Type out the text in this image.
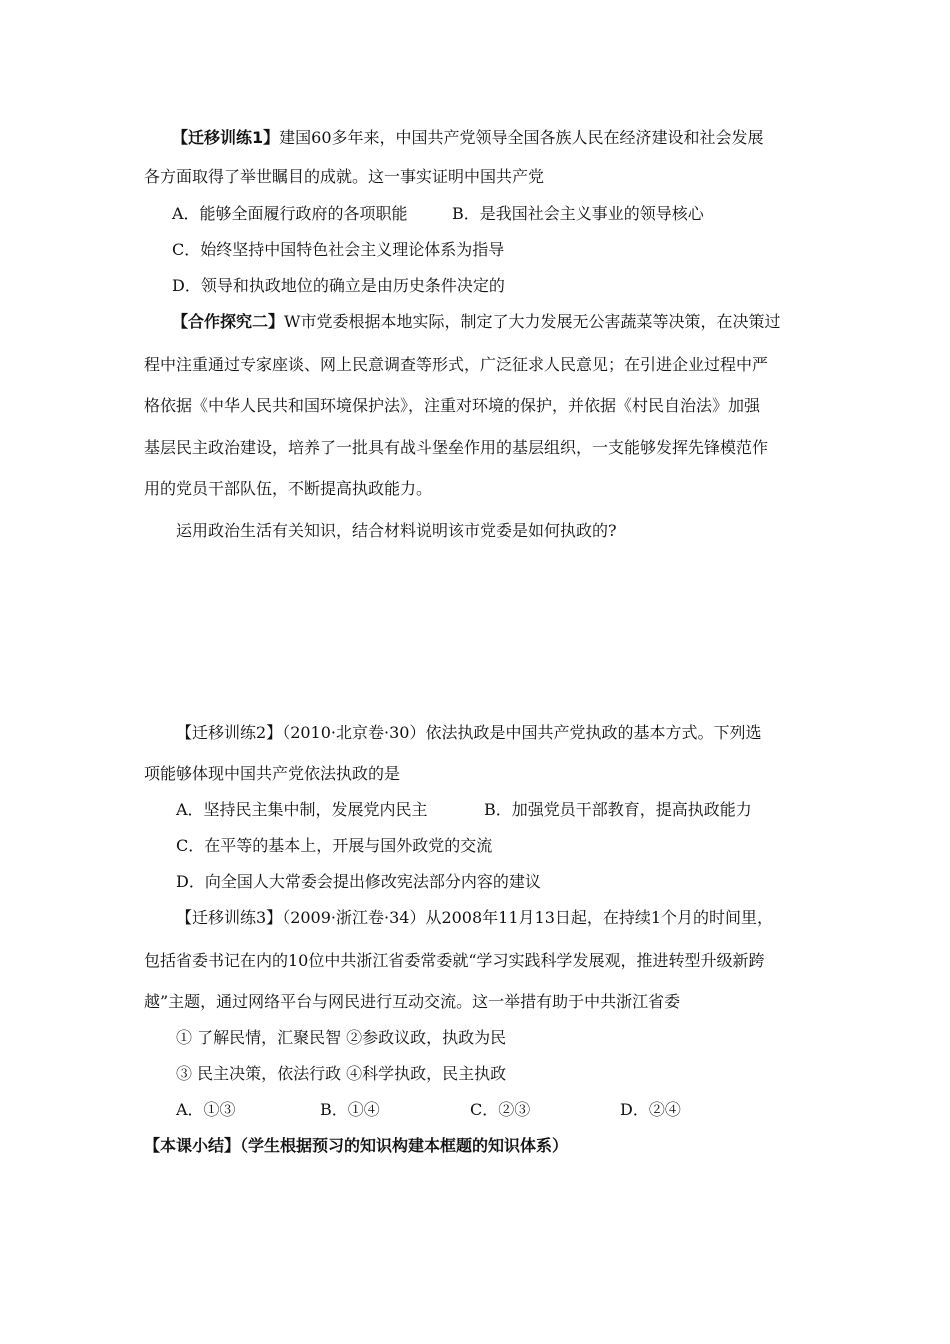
【迁移训练1】建国60多年来，中国共产党领导全国各族人民在经济建设和社会发展
各方面取得了举世瞩目的成就。这一事实证明中国共产党
A．能够全面履行政府的各项职能	B．是我国社会主义事业的领导核心
C．始终坚持中国特色社会主义理论体系为指导
D．领导和执政地位的确立是由历史条件决定的
【合作探究二】W市党委根据本地实际，制定了大力发展无公害蔬菜等决策，在决策过
程中注重通过专家座谈、网上民意调查等形式，广泛征求人民意见；在引进企业过程中严
格依据《中华人民共和国环境保护法》，注重对环境的保护，并依据《村民自治法》加强
基层民主政治建设，培养了一批具有战斗堡垒作用的基层组织，一支能够发挥先锋模范作
用的党员干部队伍，不断提高执政能力。
运用政治生活有关知识，结合材料说明该市党委是如何执政的?
【迁移训练2】（2010·北京卷·30）依法执政是中国共产党执政的基本方式。下列选
项能够体现中国共产党依法执政的是
A．坚持民主集中制，发展党内民主	B．加强党员干部教育，提高执政能力
C．在平等的基本上，开展与国外政党的交流
D．向全国人大常委会提出修改宪法部分内容的建议
【迁移训练3】（2009·浙江卷·34）从2008年11月13日起，在持续1个月的时间里，
包括省委书记在内的10位中共浙江省委常委就“学习实践科学发展观，推进转型升级新跨
越”主题，通过网络平台与网民进行互动交流。这一举措有助于中共浙江省委
① 了解民情，汇聚民智 ②参政议政，执政为民
③ 民主决策，依法行政 ④科学执政，民主执政
A．①③	B．①④	C．②③	D．②④
【本课小结】（学生根据预习的知识构建本框题的知识体系）
